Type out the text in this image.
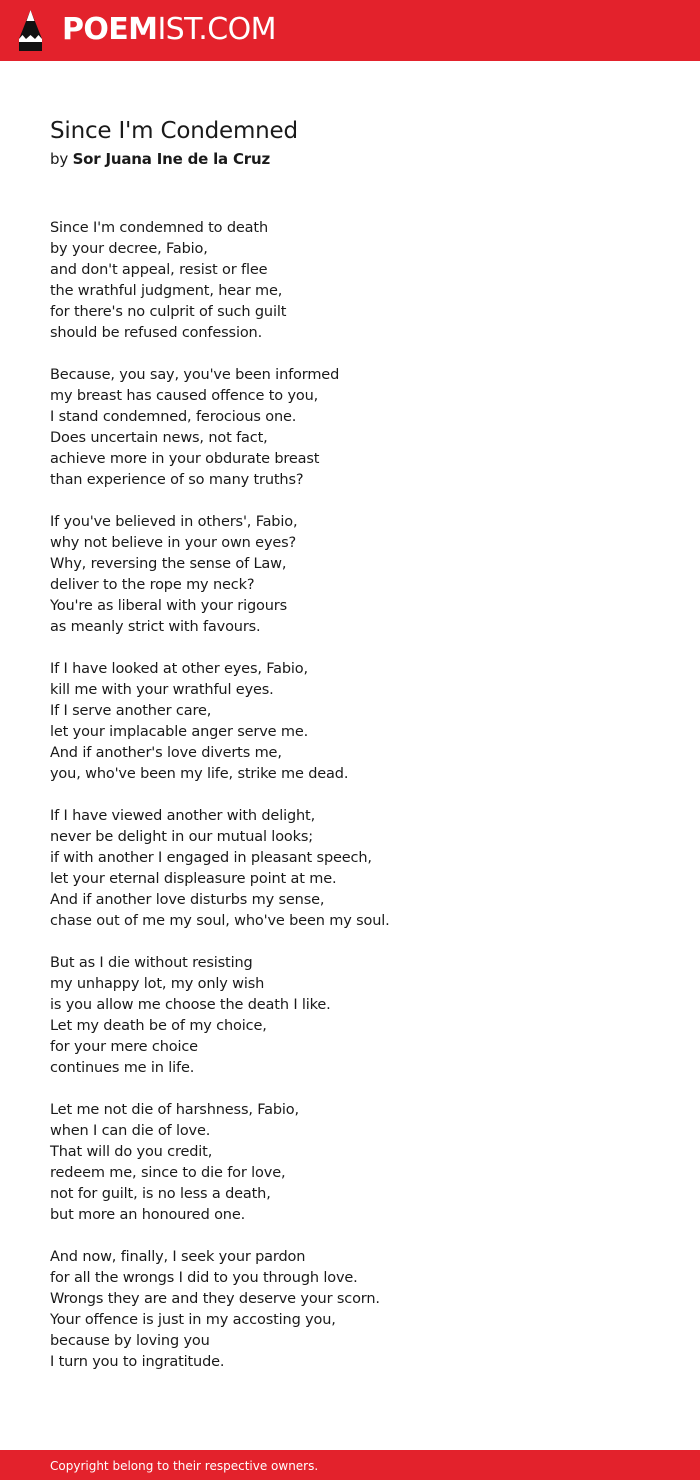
POEMIST.COM
Since I'm Condemned
by Sor Juana Ine de la Cruz
Since I'm condemned to death
by your decree, Fabio,
and don't appeal, resist or flee
the wrathful judgment, hear me,
for there's no culprit of such guilt
should be refused confession.
Because, you say, you've been informed
my breast has caused offence to you,
I stand condemned, ferocious one.
Does uncertain news, not fact,
achieve more in your obdurate breast
than experience of so many truths?
If you've believed in others', Fabio,
why not believe in your own eyes?
Why, reversing the sense of Law,
deliver to the rope my neck?
You're as liberal with your rigours
as meanly strict with favours.
If I have looked at other eyes, Fabio,
kill me with your wrathful eyes.
If I serve another care,
let your implacable anger serve me.
And if another's love diverts me,
you, who've been my life, strike me dead.
If I have viewed another with delight,
never be delight in our mutual looks;
if with another I engaged in pleasant speech,
let your eternal displeasure point at me.
And if another love disturbs my sense,
chase out of me my soul, who've been my soul.
But as I die without resisting
my unhappy lot, my only wish
is you allow me choose the death I like.
Let my death be of my choice,
for your mere choice
continues me in life.
Let me not die of harshness, Fabio,
when I can die of love.
That will do you credit,
redeem me, since to die for love,
not for guilt, is no less a death,
but more an honoured one.
And now, finally, I seek your pardon
for all the wrongs I did to you through love.
Wrongs they are and they deserve your scorn.
Your offence is just in my accosting you,
because by loving you
I turn you to ingratitude.
Copyright belong to their respective owners.
